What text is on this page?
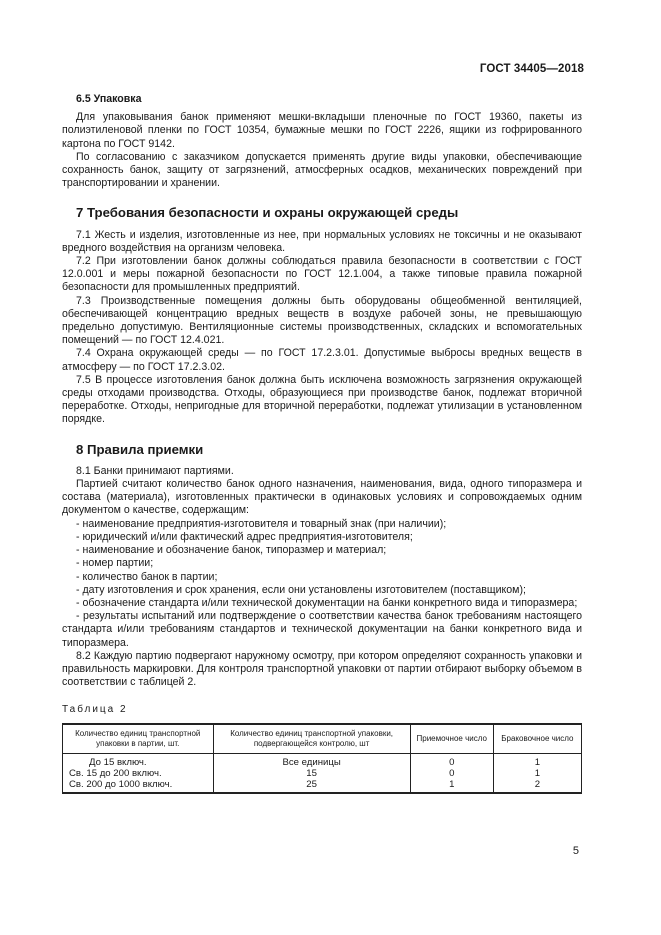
ГОСТ 34405—2018
6.5 Упаковка

Для упаковывания банок применяют мешки-вкладыши пленочные по ГОСТ 19360, пакеты из полиэтиленовой пленки по ГОСТ 10354, бумажные мешки по ГОСТ 2226, ящики из гофрированного картона по ГОСТ 9142.

По согласованию с заказчиком допускается применять другие виды упаковки, обеспечивающие сохранность банок, защиту от загрязнений, атмосферных осадков, механических повреждений при транспортировании и хранении.

7 Требования безопасности и охраны окружающей среды

7.1 Жесть и изделия, изготовленные из нее, при нормальных условиях не токсичны и не оказывают вредного воздействия на организм человека.

7.2 При изготовлении банок должны соблюдаться правила безопасности в соответствии с ГОСТ 12.0.001 и меры пожарной безопасности по ГОСТ 12.1.004, а также типовые правила пожарной безопасности для промышленных предприятий.

7.3 Производственные помещения должны быть оборудованы общеобменной вентиляцией, обеспечивающей концентрацию вредных веществ в воздухе рабочей зоны, не превышающую предельно допустимую. Вентиляционные системы производственных, складских и вспомогательных помещений — по ГОСТ 12.4.021.

7.4 Охрана окружающей среды — по ГОСТ 17.2.3.01. Допустимые выбросы вредных веществ в атмосферу — по ГОСТ 17.2.3.02.

7.5 В процессе изготовления банок должна быть исключена возможность загрязнения окружающей среды отходами производства. Отходы, образующиеся при производстве банок, подлежат вторичной переработке. Отходы, непригодные для вторичной переработки, подлежат утилизации в установленном порядке.

8 Правила приемки

8.1 Банки принимают партиями.

Партией считают количество банок одного назначения, наименования, вида, одного типоразмера и состава (материала), изготовленных практически в одинаковых условиях и сопровождаемых одним документом о качестве, содержащим:

- наименование предприятия-изготовителя и товарный знак (при наличии);
- юридический и/или фактический адрес предприятия-изготовителя;
- наименование и обозначение банок, типоразмер и материал;
- номер партии;
- количество банок в партии;
- дату изготовления и срок хранения, если они установлены изготовителем (поставщиком);
- обозначение стандарта и/или технической документации на банки конкретного вида и типоразмера;
- результаты испытаний или подтверждение о соответствии качества банок требованиям настоящего стандарта и/или требованиям стандартов и технической документации на банки конкретного вида и типоразмера.

8.2 Каждую партию подвергают наружному осмотру, при котором определяют сохранность упаковки и правильность маркировки. Для контроля транспортной упаковки от партии отбирают выборку объемом в соответствии с таблицей 2.

Таблица 2
Количество единиц транспортной упаковки в партии, шт.	Количество единиц транспортной упаковки, подвергающейся контролю, шт	Приемочное число	Браковочное число
До 15 включ.	Все единицы	0	1
Св. 15 до 200 включ.	15	0	1
Св. 200 до 1000 включ.	25	1	2
5
